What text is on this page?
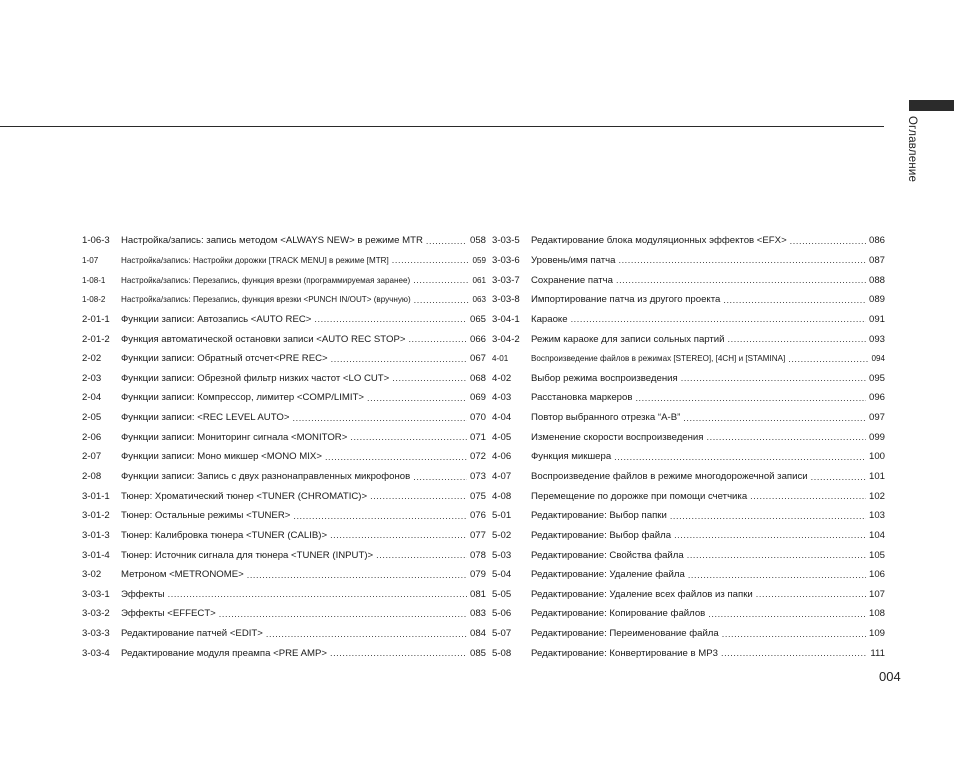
Оглавление
1-06-3	Настройка/запись: запись методом <ALWAYS NEW> в режиме MTR .....	058
1-07	Настройка/запись: Настройки дорожки [TRACK MENU] в режиме [MTR] .....	059
1-08-1	Настройка/запись: Перезапись, функция врезки (программируемая заранее) .....	061
1-08-2	Настройка/запись: Перезапись, функция врезки <PUNCH IN/OUT> (вручную) .....	063
2-01-1	Функции записи: Автозапись <AUTO REC> .....	065
2-01-2	Функция автоматической остановки записи <AUTO REC STOP> .....	066
2-02	Функции записи: Обратный отсчет<PRE REC> .....	067
2-03	Функции записи: Обрезной фильтр низких частот <LO CUT> .....	068
2-04	Функции записи: Компрессор, лимитер <COMP/LIMIT> .....	069
2-05	Функции записи: <REC LEVEL AUTO> .....	070
2-06	Функции записи: Мониторинг сигнала <MONITOR> .....	071
2-07	Функции записи: Моно микшер <MONO MIX> .....	072
2-08	Функции записи: Запись с двух разнонаправленных микрофонов .....	073
3-01-1	Тюнер: Хроматический тюнер <TUNER (CHROMATIC)> .....	075
3-01-2	Тюнер: Остальные режимы <TUNER> .....	076
3-01-3	Тюнер: Калибровка тюнера <TUNER (CALIB)> .....	077
3-01-4	Тюнер: Источник сигнала для тюнера <TUNER (INPUT)> .....	078
3-02	Метроном <METRONOME> .....	079
3-03-1	Эффекты .....	081
3-03-2	Эффекты <EFFECT> .....	083
3-03-3	Редактирование патчей <EDIT> .....	084
3-03-4	Редактирование модуля преампа <PRE AMP> .....	085
3-03-5	Редактирование блока модуляционных эффектов <EFX> .....	086
3-03-6	Уровень/имя патча .....	087
3-03-7	Сохранение патча .....	088
3-03-8	Импортирование патча из другого проекта .....	089
3-04-1	Караоке .....	091
3-04-2	Режим караоке для записи сольных партий .....	093
4-01	Воспроизведение файлов в режимах [STEREO], [4CH] и [STAMINA] .....	094
4-02	Выбор режима воспроизведения .....	095
4-03	Расстановка маркеров .....	096
4-04	Повтор выбранного отрезка “A-B” .....	097
4-05	Изменение скорости воспроизведения .....	099
4-06	Функция микшера .....	100
4-07	Воспроизведение файлов в режиме многодорожечной записи .....	101
4-08	Перемещение по дорожке при помощи счетчика .....	102
5-01	Редактирование: Выбор папки .....	103
5-02	Редактирование: Выбор файла .....	104
5-03	Редактирование: Свойства файла .....	105
5-04	Редактирование: Удаление файла .....	106
5-05	Редактирование: Удаление всех файлов из папки .....	107
5-06	Редактирование: Копирование файлов .....	108
5-07	Редактирование: Переименование файла .....	109
5-08	Редактирование: Конвертирование в MP3 .....	111
004
